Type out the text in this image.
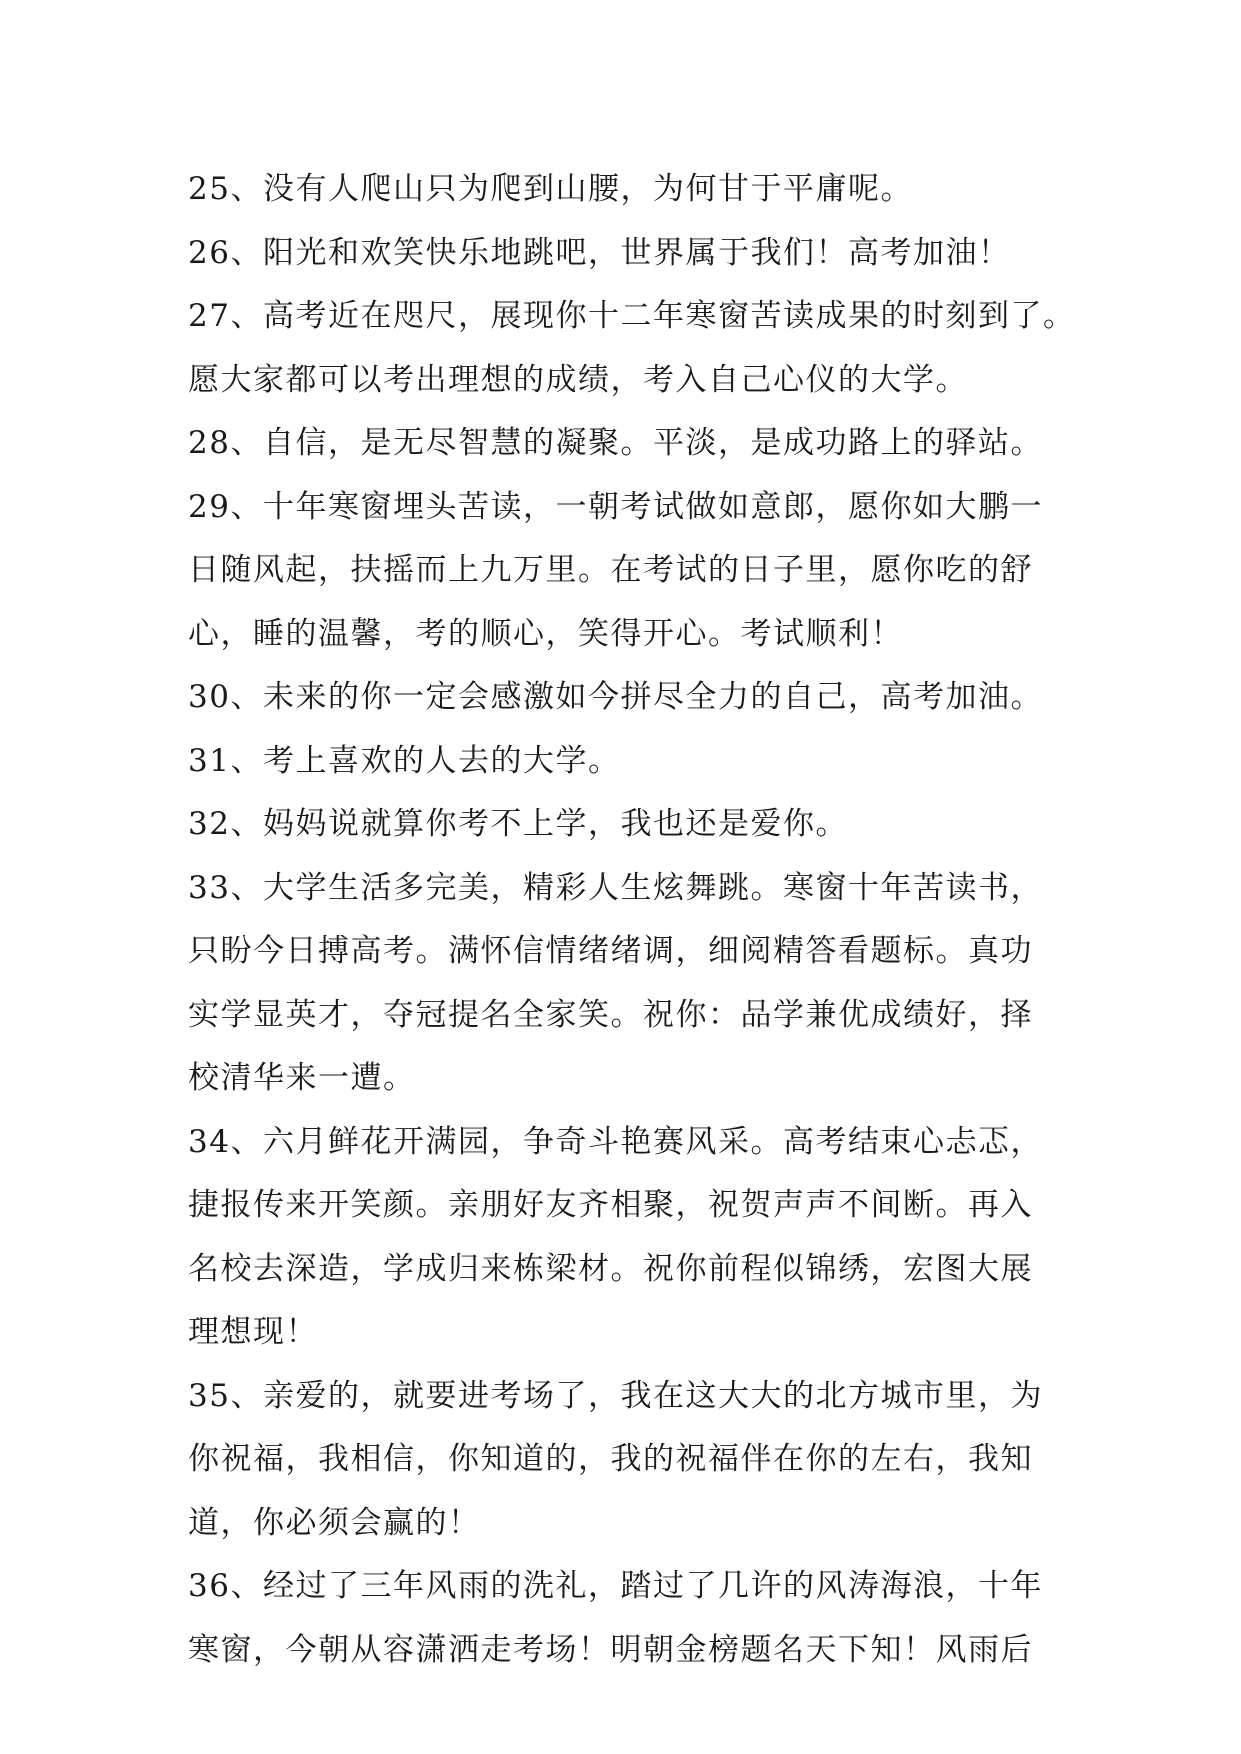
25、没有人爬山只为爬到山腰，为何甘于平庸呢。
26、阳光和欢笑快乐地跳吧，世界属于我们！高考加油！
27、高考近在咫尺，展现你十二年寒窗苦读成果的时刻到了。
愿大家都可以考出理想的成绩，考入自己心仪的大学。
28、自信，是无尽智慧的凝聚。平淡，是成功路上的驿站。
29、十年寒窗埋头苦读，一朝考试做如意郎，愿你如大鹏一
日随风起，扶摇而上九万里。在考试的日子里，愿你吃的舒
心，睡的温馨，考的顺心，笑得开心。考试顺利！
30、未来的你一定会感激如今拼尽全力的自己，高考加油。
31、考上喜欢的人去的大学。
32、妈妈说就算你考不上学，我也还是爱你。
33、大学生活多完美，精彩人生炫舞跳。寒窗十年苦读书，
只盼今日搏高考。满怀信情绪绪调，细阅精答看题标。真功
实学显英才，夺冠提名全家笑。祝你：品学兼优成绩好，择
校清华来一遭。
34、六月鲜花开满园，争奇斗艳赛风采。高考结束心忐忑，
捷报传来开笑颜。亲朋好友齐相聚，祝贺声声不间断。再入
名校去深造，学成归来栋梁材。祝你前程似锦绣，宏图大展
理想现！
35、亲爱的，就要进考场了，我在这大大的北方城市里，为
你祝福，我相信，你知道的，我的祝福伴在你的左右，我知
道，你必须会赢的！
36、经过了三年风雨的洗礼，踏过了几许的风涛海浪，十年
寒窗，今朝从容潇洒走考场！明朝金榜题名天下知！风雨后
